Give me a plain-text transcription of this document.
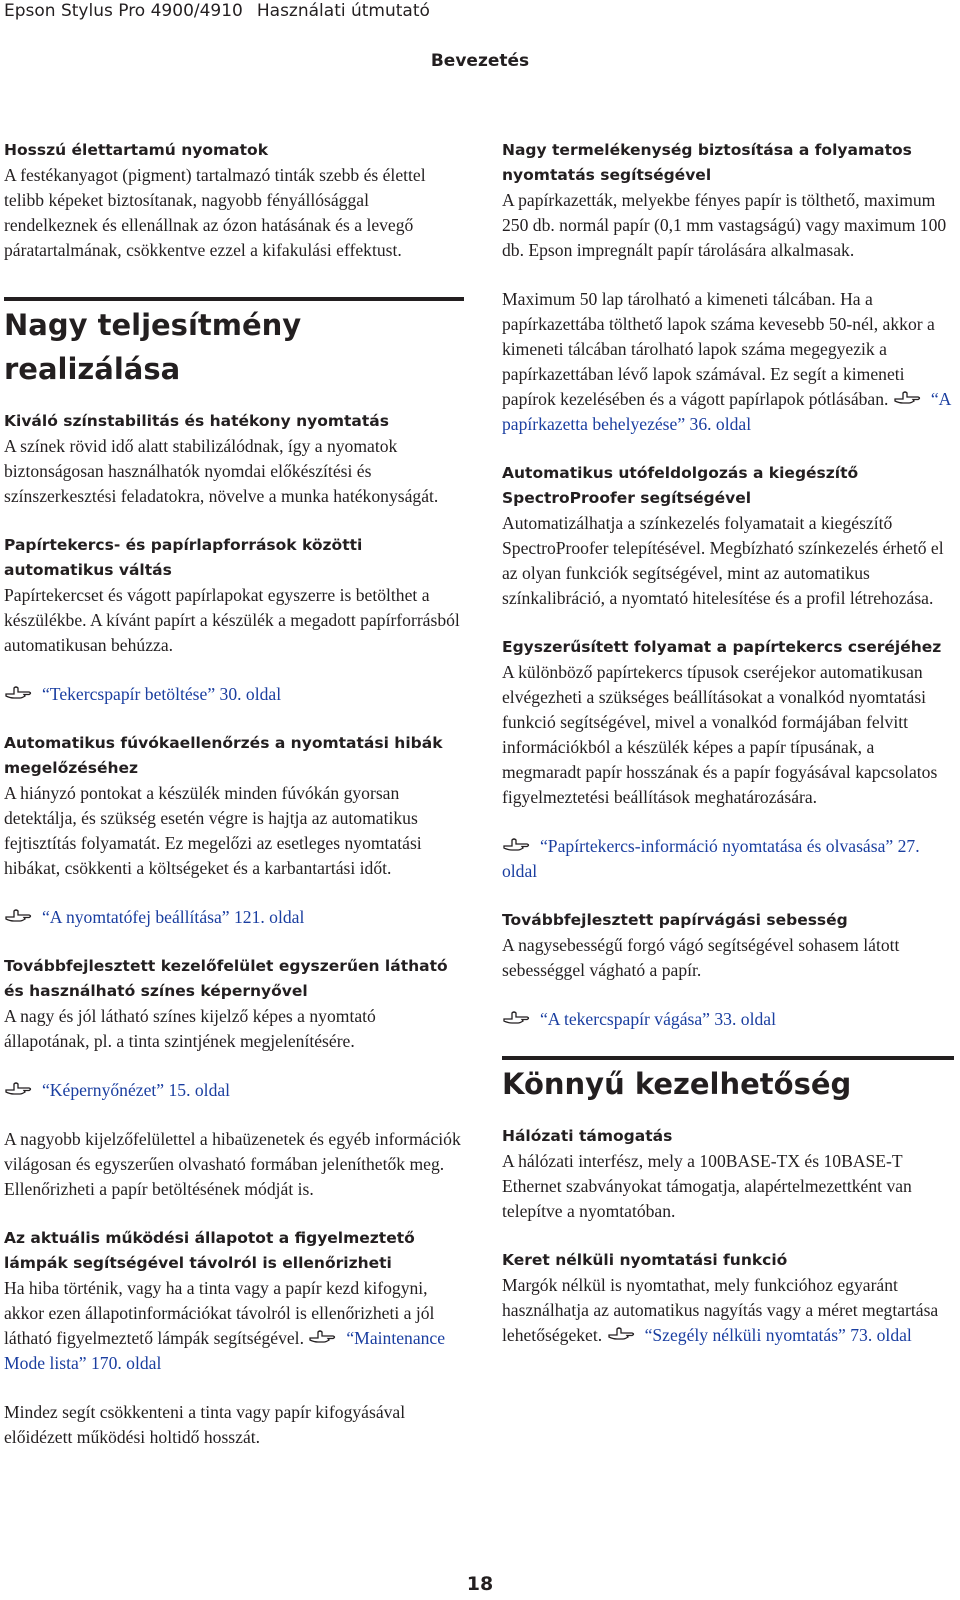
Epson Stylus Pro 4900/4910 Használati útmutató
Bevezetés

Hosszú élettartamú nyomatok

A festékanyagot (pigment) tartalmazó tinták szebb és élettel telibb képeket biztosítanak, nagyobb fényállósággal rendelkeznek és ellenállnak az ózon hatásának és a levegő páratartalmának, csökkentve ezzel a kifakulási effektust.

Nagy teljesítmény realizálása

Kiváló színstabilitás és hatékony nyomtatás

A színek rövid idő alatt stabilizálódnak, így a nyomatok biztonságosan használhatók nyomdai előkészítési és színszerkesztési feladatokra, növelve a munka hatékonyságát.

Papírtekercs- és papírlapforrások közötti automatikus váltás

Papírtekercset és vágott papírlapokat egyszerre is betölthet a készülékbe. A kívánt papírt a készülék a megadott papírforrásból automatikusan behúzza.

“Tekercspapír betöltése” 30. oldal

Automatikus fúvókaellenőrzés a nyomtatási hibák megelőzéséhez

A hiányzó pontokat a készülék minden fúvókán gyorsan detektálja, és szükség esetén végre is hajtja az automatikus fejtisztítás folyamatát. Ez megelőzi az esetleges nyomtatási hibákat, csökkenti a költségeket és a karbantartási időt.

“A nyomtatófej beállítása” 121. oldal

Továbbfejlesztett kezelőfelület egyszerűen látható és használható színes képernyővel

A nagy és jól látható színes kijelző képes a nyomtató állapotának, pl. a tinta szintjének megjelenítésére.

“Képernyőnézet” 15. oldal

A nagyobb kijelzőfelülettel a hibaüzenetek és egyéb információk világosan és egyszerűen olvasható formában jeleníthetők meg. Ellenőrizheti a papír betöltésének módját is.

Az aktuális működési állapotot a figyelmeztető lámpák segítségével távolról is ellenőrizheti

Ha hiba történik, vagy ha a tinta vagy a papír kezd kifogyni, akkor ezen állapotinformációkat távolról is ellenőrizheti a jól látható figyelmeztető lámpák segítségével. “Maintenance Mode lista” 170. oldal

Mindez segít csökkenteni a tinta vagy papír kifogyásával előidézett működési holtidő hosszát.

Nagy termelékenység biztosítása a folyamatos nyomtatás segítségével

A papírkazetták, melyekbe fényes papír is tölthető, maximum 250 db. normál papír (0,1 mm vastagságú) vagy maximum 100 db. Epson impregnált papír tárolására alkalmasak.

Maximum 50 lap tárolható a kimeneti tálcában. Ha a papírkazettába tölthető lapok száma kevesebb 50-nél, akkor a kimeneti tálcában tárolható lapok száma megegyezik a papírkazettában lévő lapok számával. Ez segít a kimeneti papírok kezelésében és a vágott papírlapok pótlásában. “A papírkazetta behelyezése” 36. oldal

Automatikus utófeldolgozás a kiegészítő SpectroProofer segítségével

Automatizálhatja a színkezelés folyamatait a kiegészítő SpectroProofer telepítésével. Megbízható színkezelés érhető el az olyan funkciók segítségével, mint az automatikus színkalibráció, a nyomtató hitelesítése és a profil létrehozása.

Egyszerűsített folyamat a papírtekercs cseréjéhez

A különböző papírtekercs típusok cseréjekor automatikusan elvégezheti a szükséges beállításokat a vonalkód nyomtatási funkció segítségével, mivel a vonalkód formájában felvitt információkból a készülék képes a papír típusának, a megmaradt papír hosszának és a papír fogyásával kapcsolatos figyelmeztetési beállítások meghatározására.

“Papírtekercs-információ nyomtatása és olvasása” 27. oldal

Továbbfejlesztett papírvágási sebesség

A nagysebességű forgó vágó segítségével sohasem látott sebességgel vágható a papír.

“A tekercspapír vágása” 33. oldal

Könnyű kezelhetőség

Hálózati támogatás

A hálózati interfész, mely a 100BASE-TX és 10BASE-T Ethernet szabványokat támogatja, alapértelmezettként van telepítve a nyomtatóban.

Keret nélküli nyomtatási funkció

Margók nélkül is nyomtathat, mely funkcióhoz egyaránt használhatja az automatikus nagyítás vagy a méret megtartása lehetőségeket. “Szegély nélküli nyomtatás” 73. oldal

18
